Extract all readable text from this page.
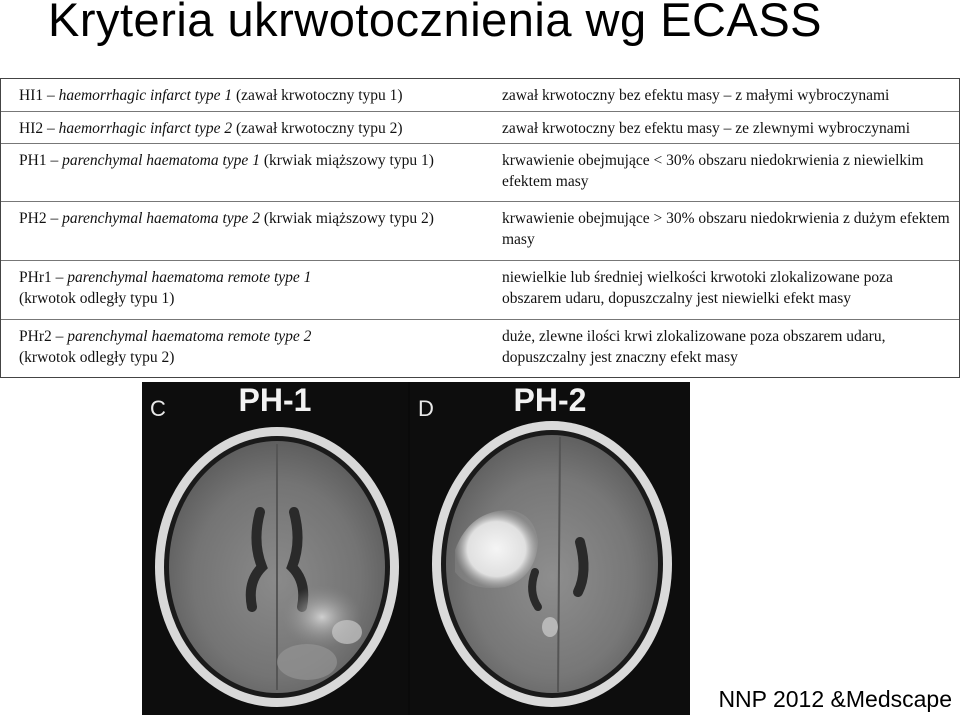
Kryteria ukrwotocznienia wg ECASS
HI1 – haemorrhagic infarct type 1 (zawał krwotoczny typu 1)	zawał krwotoczny bez efektu masy – z małymi wybroczynami
HI2 – haemorrhagic infarct type 2 (zawał krwotoczny typu 2)	zawał krwotoczny bez efektu masy – ze zlewnymi wybroczynami
PH1 – parenchymal haematoma type 1 (krwiak miąższowy typu 1)	krwawienie obejmujące < 30% obszaru niedokrwienia z niewielkim efektem masy
PH2 – parenchymal haematoma type 2 (krwiak miąższowy typu 2)	krwawienie obejmujące > 30% obszaru niedokrwienia z dużym efektem masy
PHr1 – parenchymal haematoma remote type 1
(krwotok odległy typu 1)	niewielkie lub średniej wielkości krwotoki zlokalizowane poza obszarem udaru, dopuszczalny jest niewielki efekt masy
PHr2 – parenchymal haematoma remote type 2
(krwotok odległy typu 2)	duże, zlewne ilości krwi zlokalizowane poza obszarem udaru, dopuszczalny jest znaczny efekt masy
C	PH-1	D	PH-2
NNP 2012 &Medscape
